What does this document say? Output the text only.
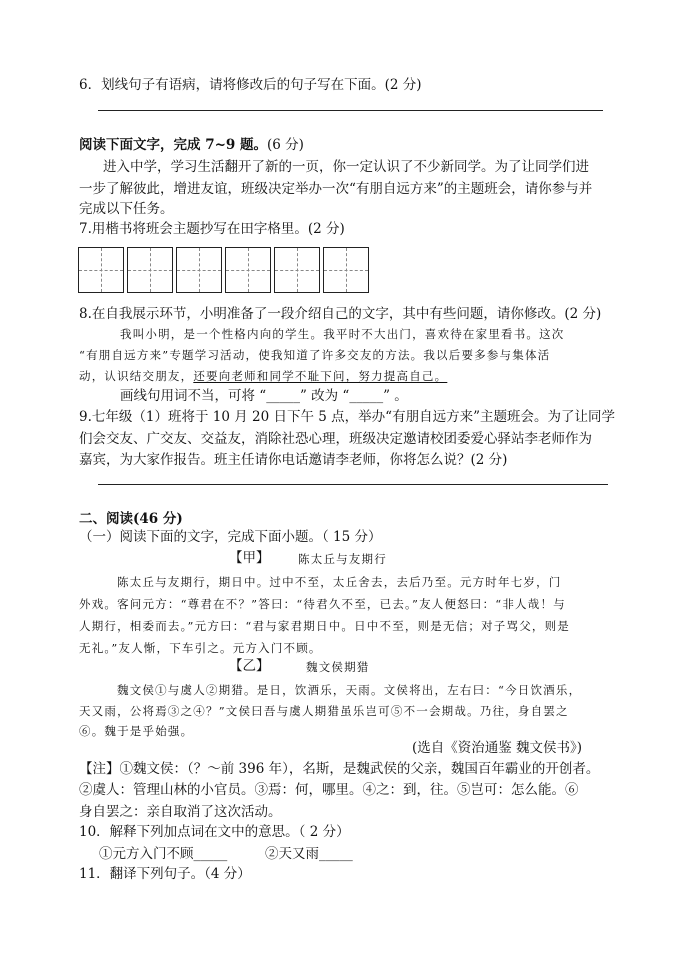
6．划线句子有语病，请将修改后的句子写在下面。(2 分)
阅读下面文字，完成 7~9 题。(6 分)
进入中学，学习生活翻开了新的一页，你一定认识了不少新同学。为了让同学们进
一步了解彼此，增进友谊，班级决定举办一次“有朋自远方来”的主题班会，请你参与并
完成以下任务。
7.用楷书将班会主题抄写在田字格里。(2 分)
8.在自我展示环节，小明准备了一段介绍自己的文字，其中有些问题，请你修改。(2 分)
我叫小明，是一个性格内向的学生。我平时不大出门，喜欢待在家里看书。这次
“有朋自远方来”专题学习活动，使我知道了许多交友的方法。我以后要多参与集体活
动，认识结交朋友，还要向老师和同学不耻下问，努力提高自己。
画线句用词不当，可将 “_____” 改为 “_____” 。
9.七年级（1）班将于 10 月 20 日下午 5 点，举办“有朋自远方来”主题班会。为了让同学
们会交友、广交友、交益友，消除社恐心理，班级决定邀请校团委爱心驿站李老师作为
嘉宾，为大家作报告。班主任请你电话邀请李老师，你将怎么说？(2 分)
二、阅读(46 分)
（一）阅读下面的文字，完成下面小题。（ 15 分）
【甲】 陈太丘与友期行
陈太丘与友期行，期日中。过中不至，太丘舍去，去后乃至。元方时年七岁，门
外戏。客问元方：“尊君在不？”答曰：“待君久不至，已去。”友人便怒曰：“非人哉！与
人期行，相委而去。”元方曰：“君与家君期日中。日中不至，则是无信；对子骂父，则是
无礼。”友人惭，下车引之。元方入门不顾。
【乙】	魏文侯期猎
魏文侯①与虞人②期猎。是日，饮酒乐，天雨。文侯将出，左右曰：“今日饮酒乐，
天又雨，公将焉③之④？”文侯曰吾与虞人期猎虽乐岂可⑤不一会期哉。乃往，身自罢之
⑥。魏于是乎始强。
(选自《资治通鉴 魏文侯书》)
【注】①魏文侯：（？～前 396 年），名斯，是魏武侯的父亲，魏国百年霸业的开创者。
②虞人：管理山林的小官员。③焉：何，哪里。④之：到，往。⑤岂可：怎么能。⑥
身自罢之：亲自取消了这次活动。
10．解释下列加点词在文中的意思。（ 2 分）
①元方入门不顾_____	②天又雨_____
11．翻译下列句子。（4 分）
